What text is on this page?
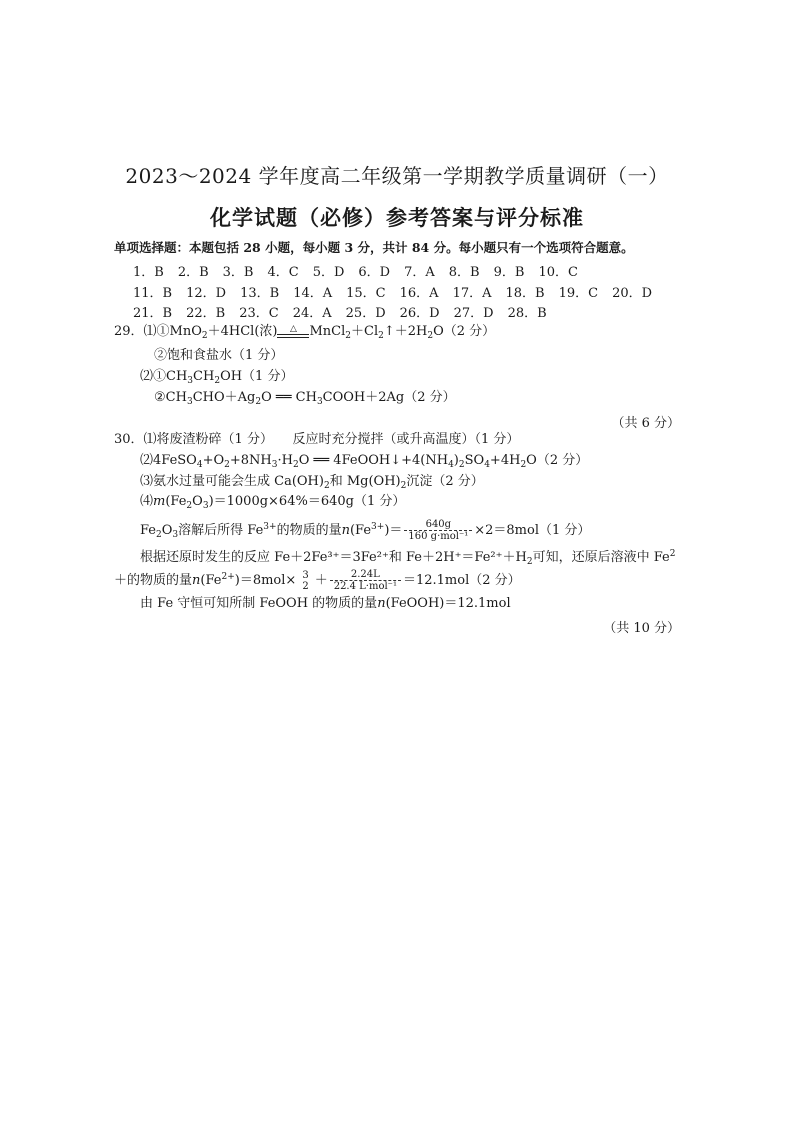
2023～2024 学年度高二年级第一学期教学质量调研（一）
化学试题（必修）参考答案与评分标准
单项选择题：本题包括 28 小题，每小题 3 分，共计 84 分。每小题只有一个选项符合题意。
1．B 2．B 3．B 4．C 5．D 6．D 7．A 8．B 9．B 10．C
11．B 12．D 13．B 14．A 15．C 16．A 17．A 18．B 19．C 20．D
21．B 22．B 23．C 24．A 25．D 26．D 27．D 28．B
29．⑴①MnO$_2$＋4HCl(浓)	△ $MnCl_2+Cl_2↑+2H_2O(2$ 分）
②饱和食盐水（1 分）
$⑵①CH_3CH_2OH(1$ 分）
$②CH_3CHO+Ag_2O$ ══ $CH_3COOH+2Ag(2$ 分）
（共 6 分）
30．⑴将废渣粉碎（1 分）　　反应时充分搅拌（或升高温度）（1 分）
$⑵4FeSO_4+O_2+8NH_3\cdot H_2O$ ══ $4FeOOH↓+4(NH_4)_2SO_4+4H_2O(2$ 分）
⑶氨水过量可能会生成 $Ca(OH)_2$和 $Mg(OH)_2$沉淀（2 分）
$⑷m(Fe_2O_3)=1000g\times 64\%=640g(1$ 分）
$Fe_2O_3$溶解后所得 $Fe^{3+}$的物质的量$n(Fe^{3+})= \frac{640g}{\text{160 g·mol⁻¹}} \times 2=8mol(1$ 分）
根据还原时发生的反应 Fe＋2Fe³⁺＝3Fe²⁺和 $Fe+2H^+=Fe^{2+}+H_2$可知，还原后溶液中 $Fe^2$
＋的物质的量$n(Fe^{2+})=8mol\times 3$
$2 + \frac{2.24L}{\text{22.4 L·mol⁻¹}} =12.1mol(2$ 分）
由 Fe 守恒可知所制 FeOOH 的物质的量n(FeOOH)＝12.1mol
（共 10 分）
